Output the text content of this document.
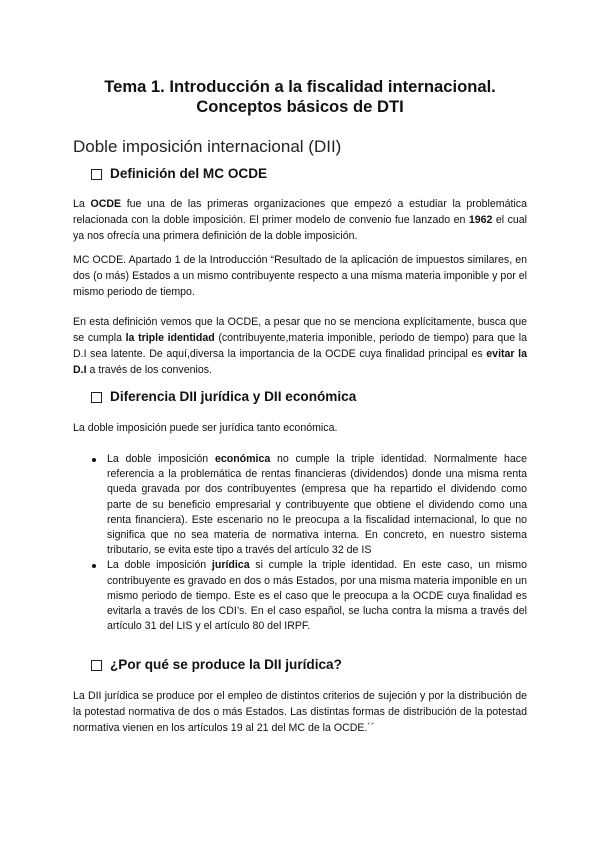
Tema 1. Introducción a la fiscalidad internacional.
Conceptos básicos de DTI
Doble imposición internacional (DII)
Definición del MC OCDE
La OCDE fue una de las primeras organizaciones que empezó a estudiar la problemática relacionada con la doble imposición. El primer modelo de convenio fue lanzado en 1962 el cual ya nos ofrecía una primera definición de la doble imposición.
MC OCDE. Apartado 1 de la Introducción “Resultado de la aplicación de impuestos similares, en dos (o más) Estados a un mismo contribuyente respecto a una misma materia imponible y por el mismo periodo de tiempo.
En esta definición vemos que la OCDE, a pesar que no se menciona explícitamente, busca que se cumpla la triple identidad (contribuyente,materia imponible, periodo de tiempo) para que la D.I sea latente. De aquí,diversa la importancia de la OCDE cuya finalidad principal es evitar la D.I a través de los convenios.
Diferencia DII jurídica y DII económica
La doble imposición puede ser jurídica tanto económica.
La doble imposición económica no cumple la triple identidad. Normalmente hace referencia a la problemática de rentas financieras (dividendos) donde una misma renta queda gravada por dos contribuyentes (empresa que ha repartido el dividendo como parte de su beneficio empresarial y contribuyente que obtiene el dividendo como una renta financiera). Este escenario no le preocupa a la fiscalidad internacional, lo que no significa que no sea materia de normativa interna. En concreto, en nuestro sistema tributario, se evita este tipo a través del artículo 32 de IS
La doble imposición jurídica si cumple la triple identidad. En este caso, un mismo contribuyente es gravado en dos o más Estados, por una misma materia imponible en un mismo periodo de tiempo. Este es el caso que le preocupa a la OCDE cuya finalidad es evitarla a través de los CDI’s. En el caso español, se lucha contra la misma a través del artículo 31 del LIS y el artículo 80 del IRPF.
¿Por qué se produce la DII jurídica?
La DII jurídica se produce por el empleo de distintos criterios de sujeción y por la distribución de la potestad normativa de dos o más Estados. Las distintas formas de distribución de la potestad normativa vienen en los artículos 19 al 21 del MC de la OCDE.´´
